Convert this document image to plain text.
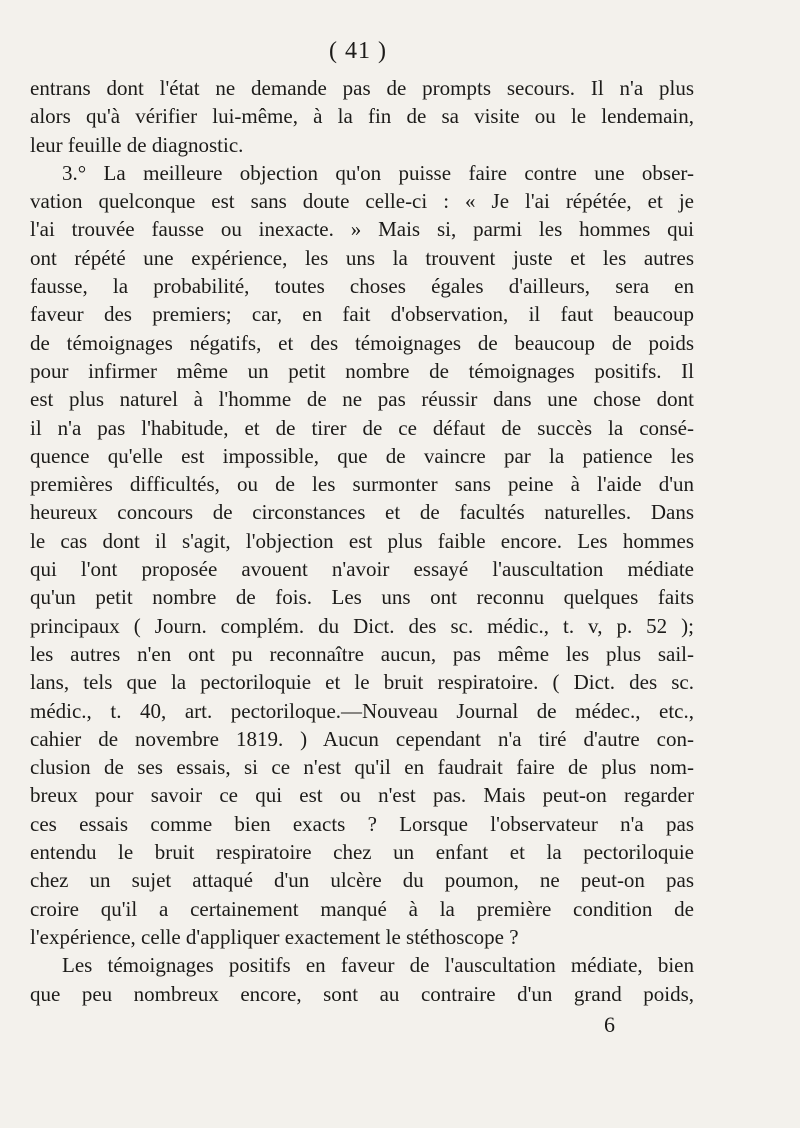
( 41 )
entrans dont l'état ne demande pas de prompts secours. Il n'a plus
alors qu'à vérifier lui-même, à la fin de sa visite ou le lendemain,
leur feuille de diagnostic.
3.° La meilleure objection qu'on puisse faire contre une obser-
vation quelconque est sans doute celle-ci : « Je l'ai répétée, et je
l'ai trouvée fausse ou inexacte. » Mais si, parmi les hommes qui
ont répété une expérience, les uns la trouvent juste et les autres
fausse, la probabilité, toutes choses égales d'ailleurs, sera en
faveur des premiers; car, en fait d'observation, il faut beaucoup
de témoignages négatifs, et des témoignages de beaucoup de poids
pour infirmer même un petit nombre de témoignages positifs. Il
est plus naturel à l'homme de ne pas réussir dans une chose dont
il n'a pas l'habitude, et de tirer de ce défaut de succès la consé-
quence qu'elle est impossible, que de vaincre par la patience les
premières difficultés, ou de les surmonter sans peine à l'aide d'un
heureux concours de circonstances et de facultés naturelles. Dans
le cas dont il s'agit, l'objection est plus faible encore. Les hommes
qui l'ont proposée avouent n'avoir essayé l'auscultation médiate
qu'un petit nombre de fois. Les uns ont reconnu quelques faits
principaux ( Journ. complém. du Dict. des sc. médic., t. v, p. 52 );
les autres n'en ont pu reconnaître aucun, pas même les plus sail-
lans, tels que la pectoriloquie et le bruit respiratoire. ( Dict. des sc.
médic., t. 40, art. pectoriloque.—Nouveau Journal de médec., etc.,
cahier de novembre 1819. ) Aucun cependant n'a tiré d'autre con-
clusion de ses essais, si ce n'est qu'il en faudrait faire de plus nom-
breux pour savoir ce qui est ou n'est pas. Mais peut-on regarder
ces essais comme bien exacts ? Lorsque l'observateur n'a pas
entendu le bruit respiratoire chez un enfant et la pectoriloquie
chez un sujet attaqué d'un ulcère du poumon, ne peut-on pas
croire qu'il a certainement manqué à la première condition de
l'expérience, celle d'appliquer exactement le stéthoscope ?
Les témoignages positifs en faveur de l'auscultation médiate, bien
que peu nombreux encore, sont au contraire d'un grand poids,
6
